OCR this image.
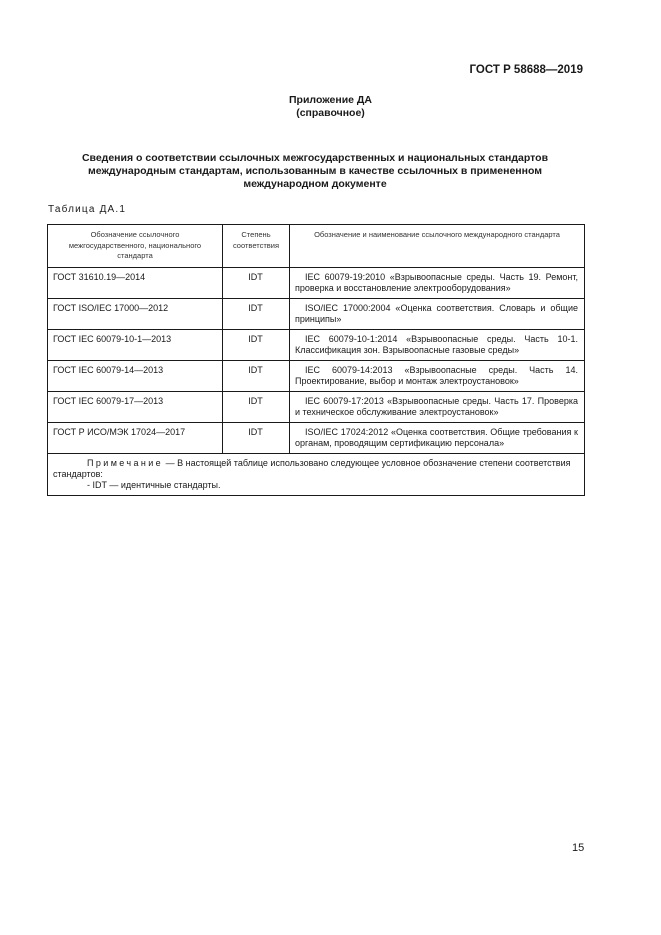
ГОСТ Р 58688—2019
Приложение ДА
(справочное)
Сведения о соответствии ссылочных межгосударственных и национальных стандартов
международным стандартам, использованным в качестве ссылочных в примененном
международном документе
Таблица ДА.1
Обозначение ссылочного межгосударственного, национального стандарта	Степень соответствия	Обозначение и наименование ссылочного международного стандарта
ГОСТ 31610.19—2014	IDT	IEC 60079-19:2010 «Взрывоопасные среды. Часть 19. Ремонт, проверка и восстановление электрооборудования»
ГОСТ ISO/IEC 17000—2012	IDT	ISO/IEC 17000:2004 «Оценка соответствия. Словарь и общие принципы»
ГОСТ IEC 60079-10-1—2013	IDT	IEC 60079-10-1:2014 «Взрывоопасные среды. Часть 10-1. Классификация зон. Взрывоопасные газовые среды»
ГОСТ IEC 60079-14—2013	IDT	IEC 60079-14:2013 «Взрывоопасные среды. Часть 14. Проектирование, выбор и монтаж электроустановок»
ГОСТ IEC 60079-17—2013	IDT	IEC 60079-17:2013 «Взрывоопасные среды. Часть 17. Проверка и техническое обслуживание электроустановок»
ГОСТ Р ИСО/МЭК 17024—2017	IDT	ISO/IEC 17024:2012 «Оценка соответствия. Общие требования к органам, проводящим сертификацию персонала»

Примечание — В настоящей таблице использовано следующее условное обозначение степени соответствия стандартов:
- IDT — идентичные стандарты.		
15
